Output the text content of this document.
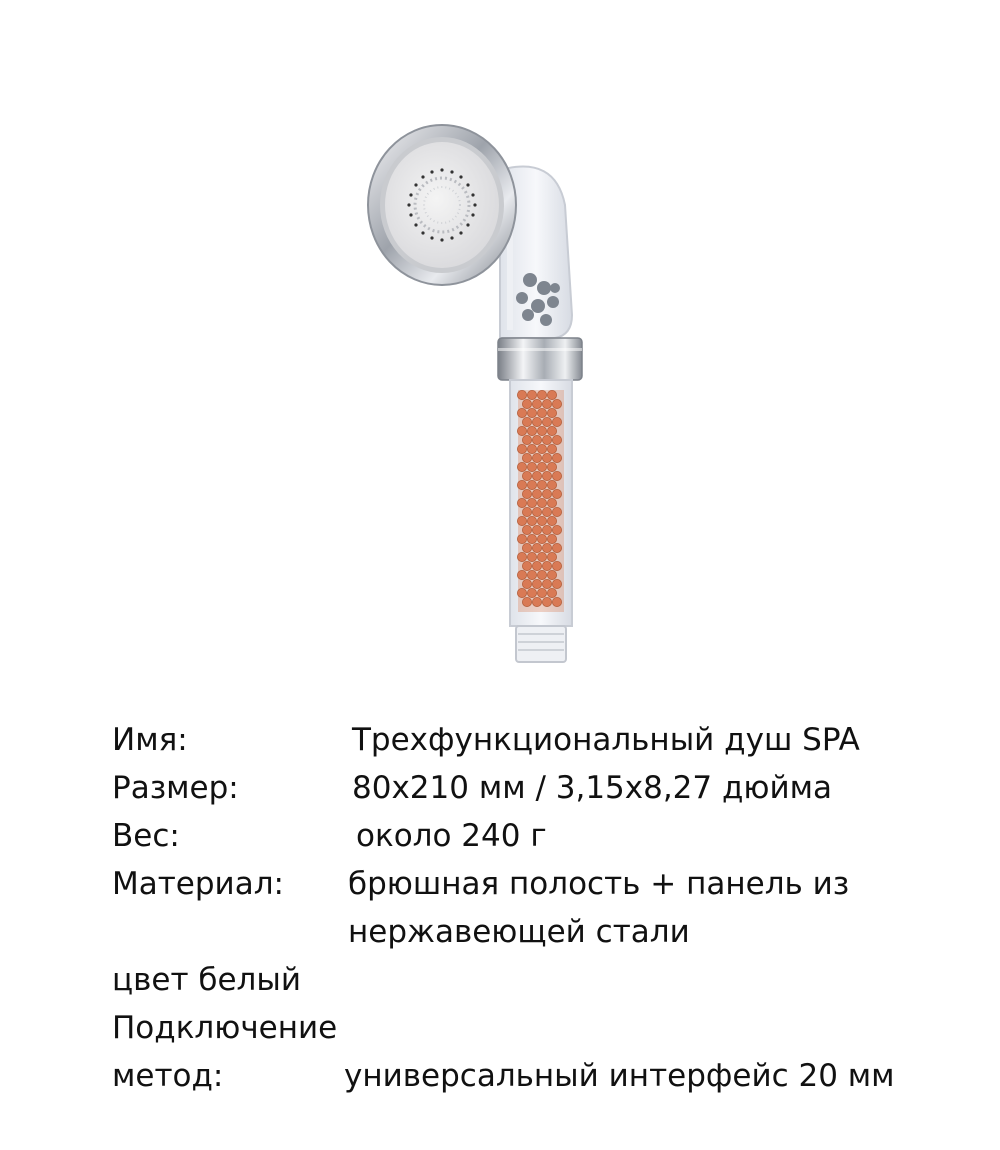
Имя:	Трехфункциональный душ SPA
Размер:	80x210 мм / 3,15x8,27 дюйма
Вес:	около 240 г
Материал: брюшная полость + панель из
нержавеющей стали
цвет белый
Подключение
метод:	универсальный интерфейс 20 мм
